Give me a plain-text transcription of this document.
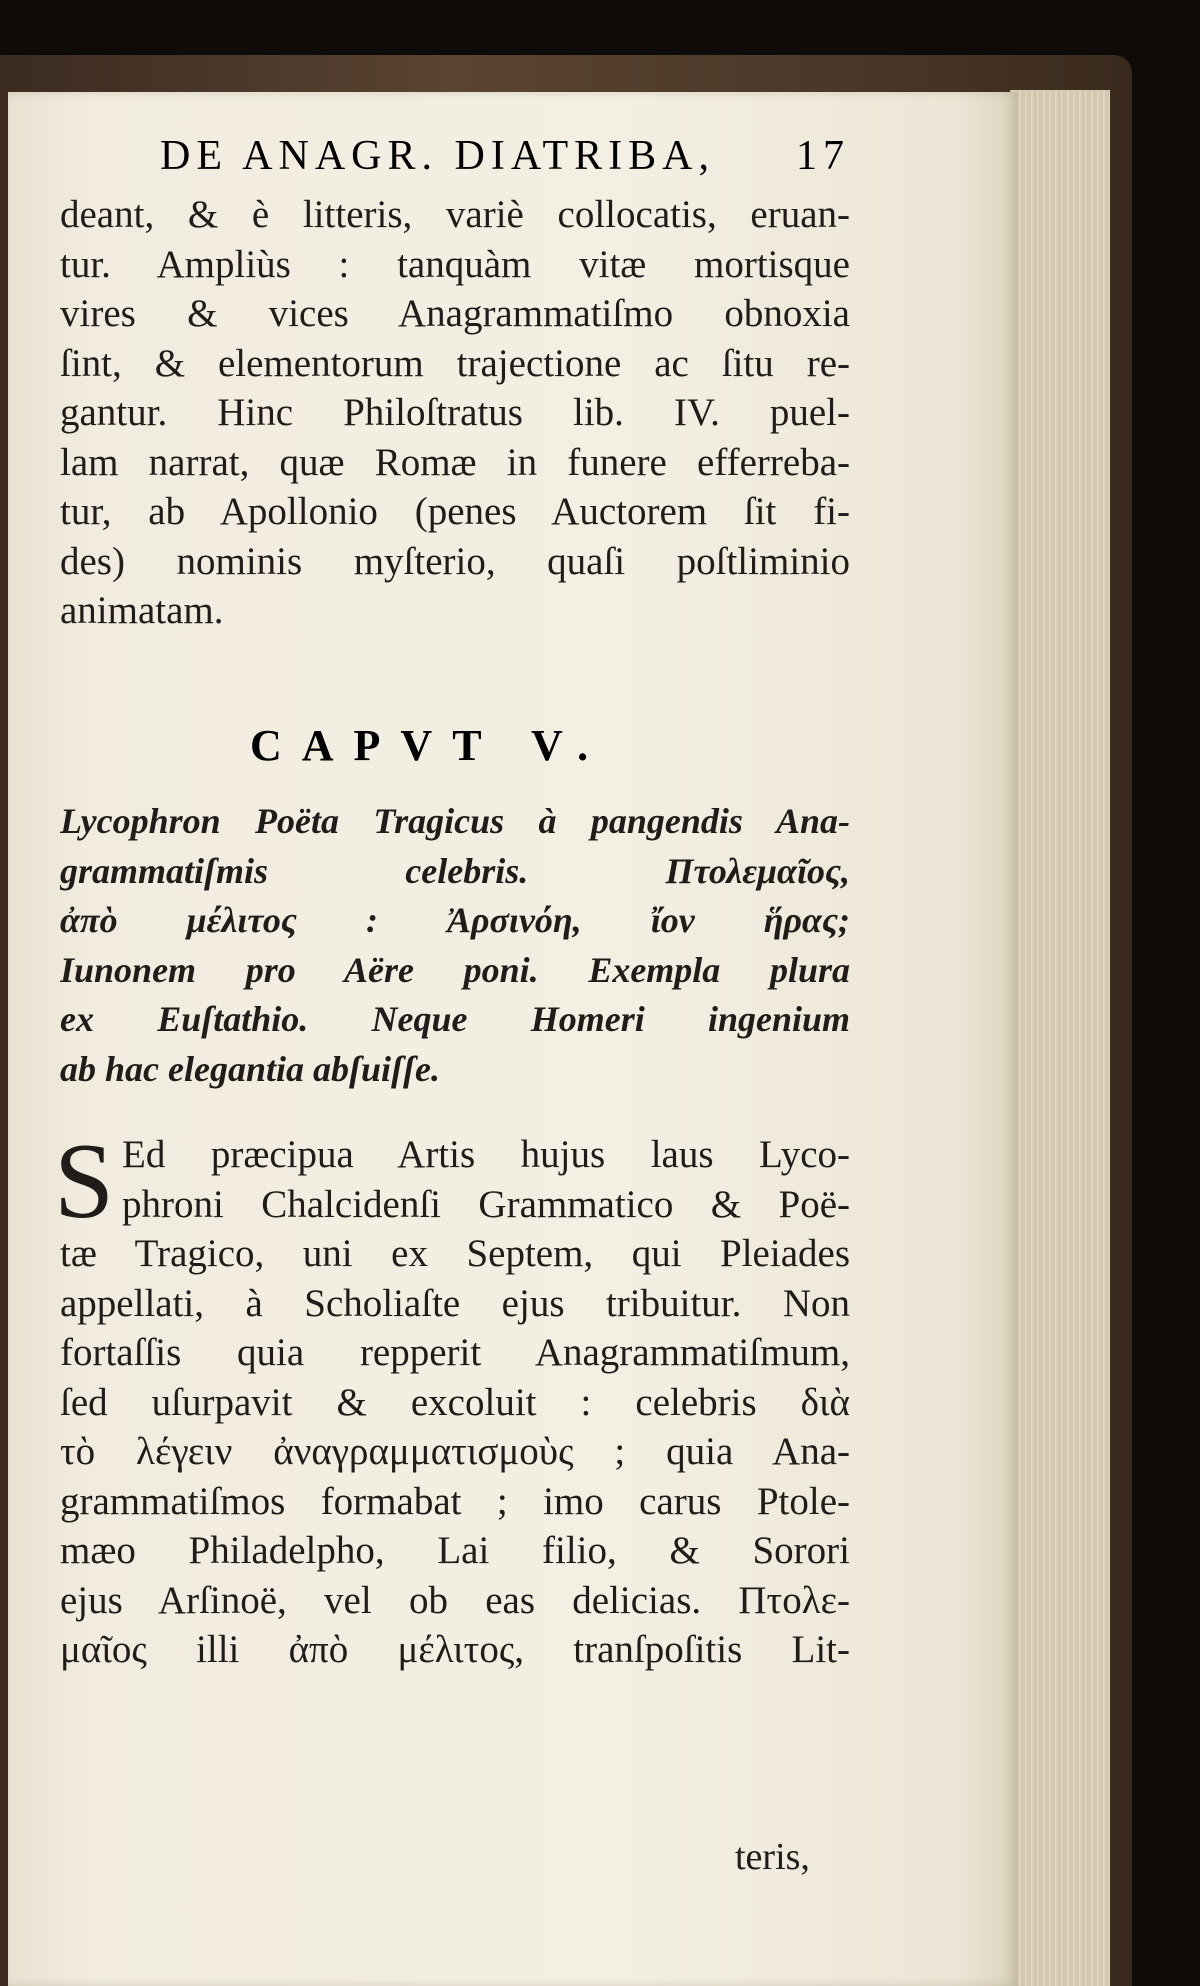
DE ANAGR. DIATRIBA, 17
deant, & è litteris, variè collocatis, eruan-
tur. Ampliùs : tanquàm vitæ mortisque
vires & vices Anagrammatiſmo obnoxia
ſint, & elementorum trajectione ac ſitu re-
gantur. Hinc Philoſtratus lib. IV. puel-
lam narrat, quæ Romæ in funere efferreba-
tur, ab Apollonio (penes Auctorem ſit fi-
des) nominis myſterio, quaſi poſtliminio
animatam.
CAPVT V.
Lycophron Poëta Tragicus à pangendis Ana-
grammatiſmis celebris. Πτολεμαῖος,
ἀπὸ μέλιτος : Ἀρσινόη, ἴον ἥρας;
Iunonem pro Aëre poni. Exempla plura
ex Euſtathio. Neque Homeri ingenium
ab hac elegantia abſuiſſe.
S Ed præcipua Artis hujus laus Lyco-
phroni Chalcidenſi Grammatico & Poë-
tæ Tragico, uni ex Septem, qui Pleiades
appellati, à Scholiaſte ejus tribuitur. Non
fortaſſis quia repperit Anagrammatiſmum,
ſed uſurpavit & excoluit : celebris διὰ
τὸ λέγειν ἀναγραμματισμοὺς ; quia Ana-
grammatiſmos formabat ; imo carus Ptole-
mæo Philadelpho, Lai filio, & Sorori
ejus Arſinoë, vel ob eas delicias. Πτολε-
μαῖος illi ἀπὸ μέλιτος, tranſpoſitis Lit-
teris,
